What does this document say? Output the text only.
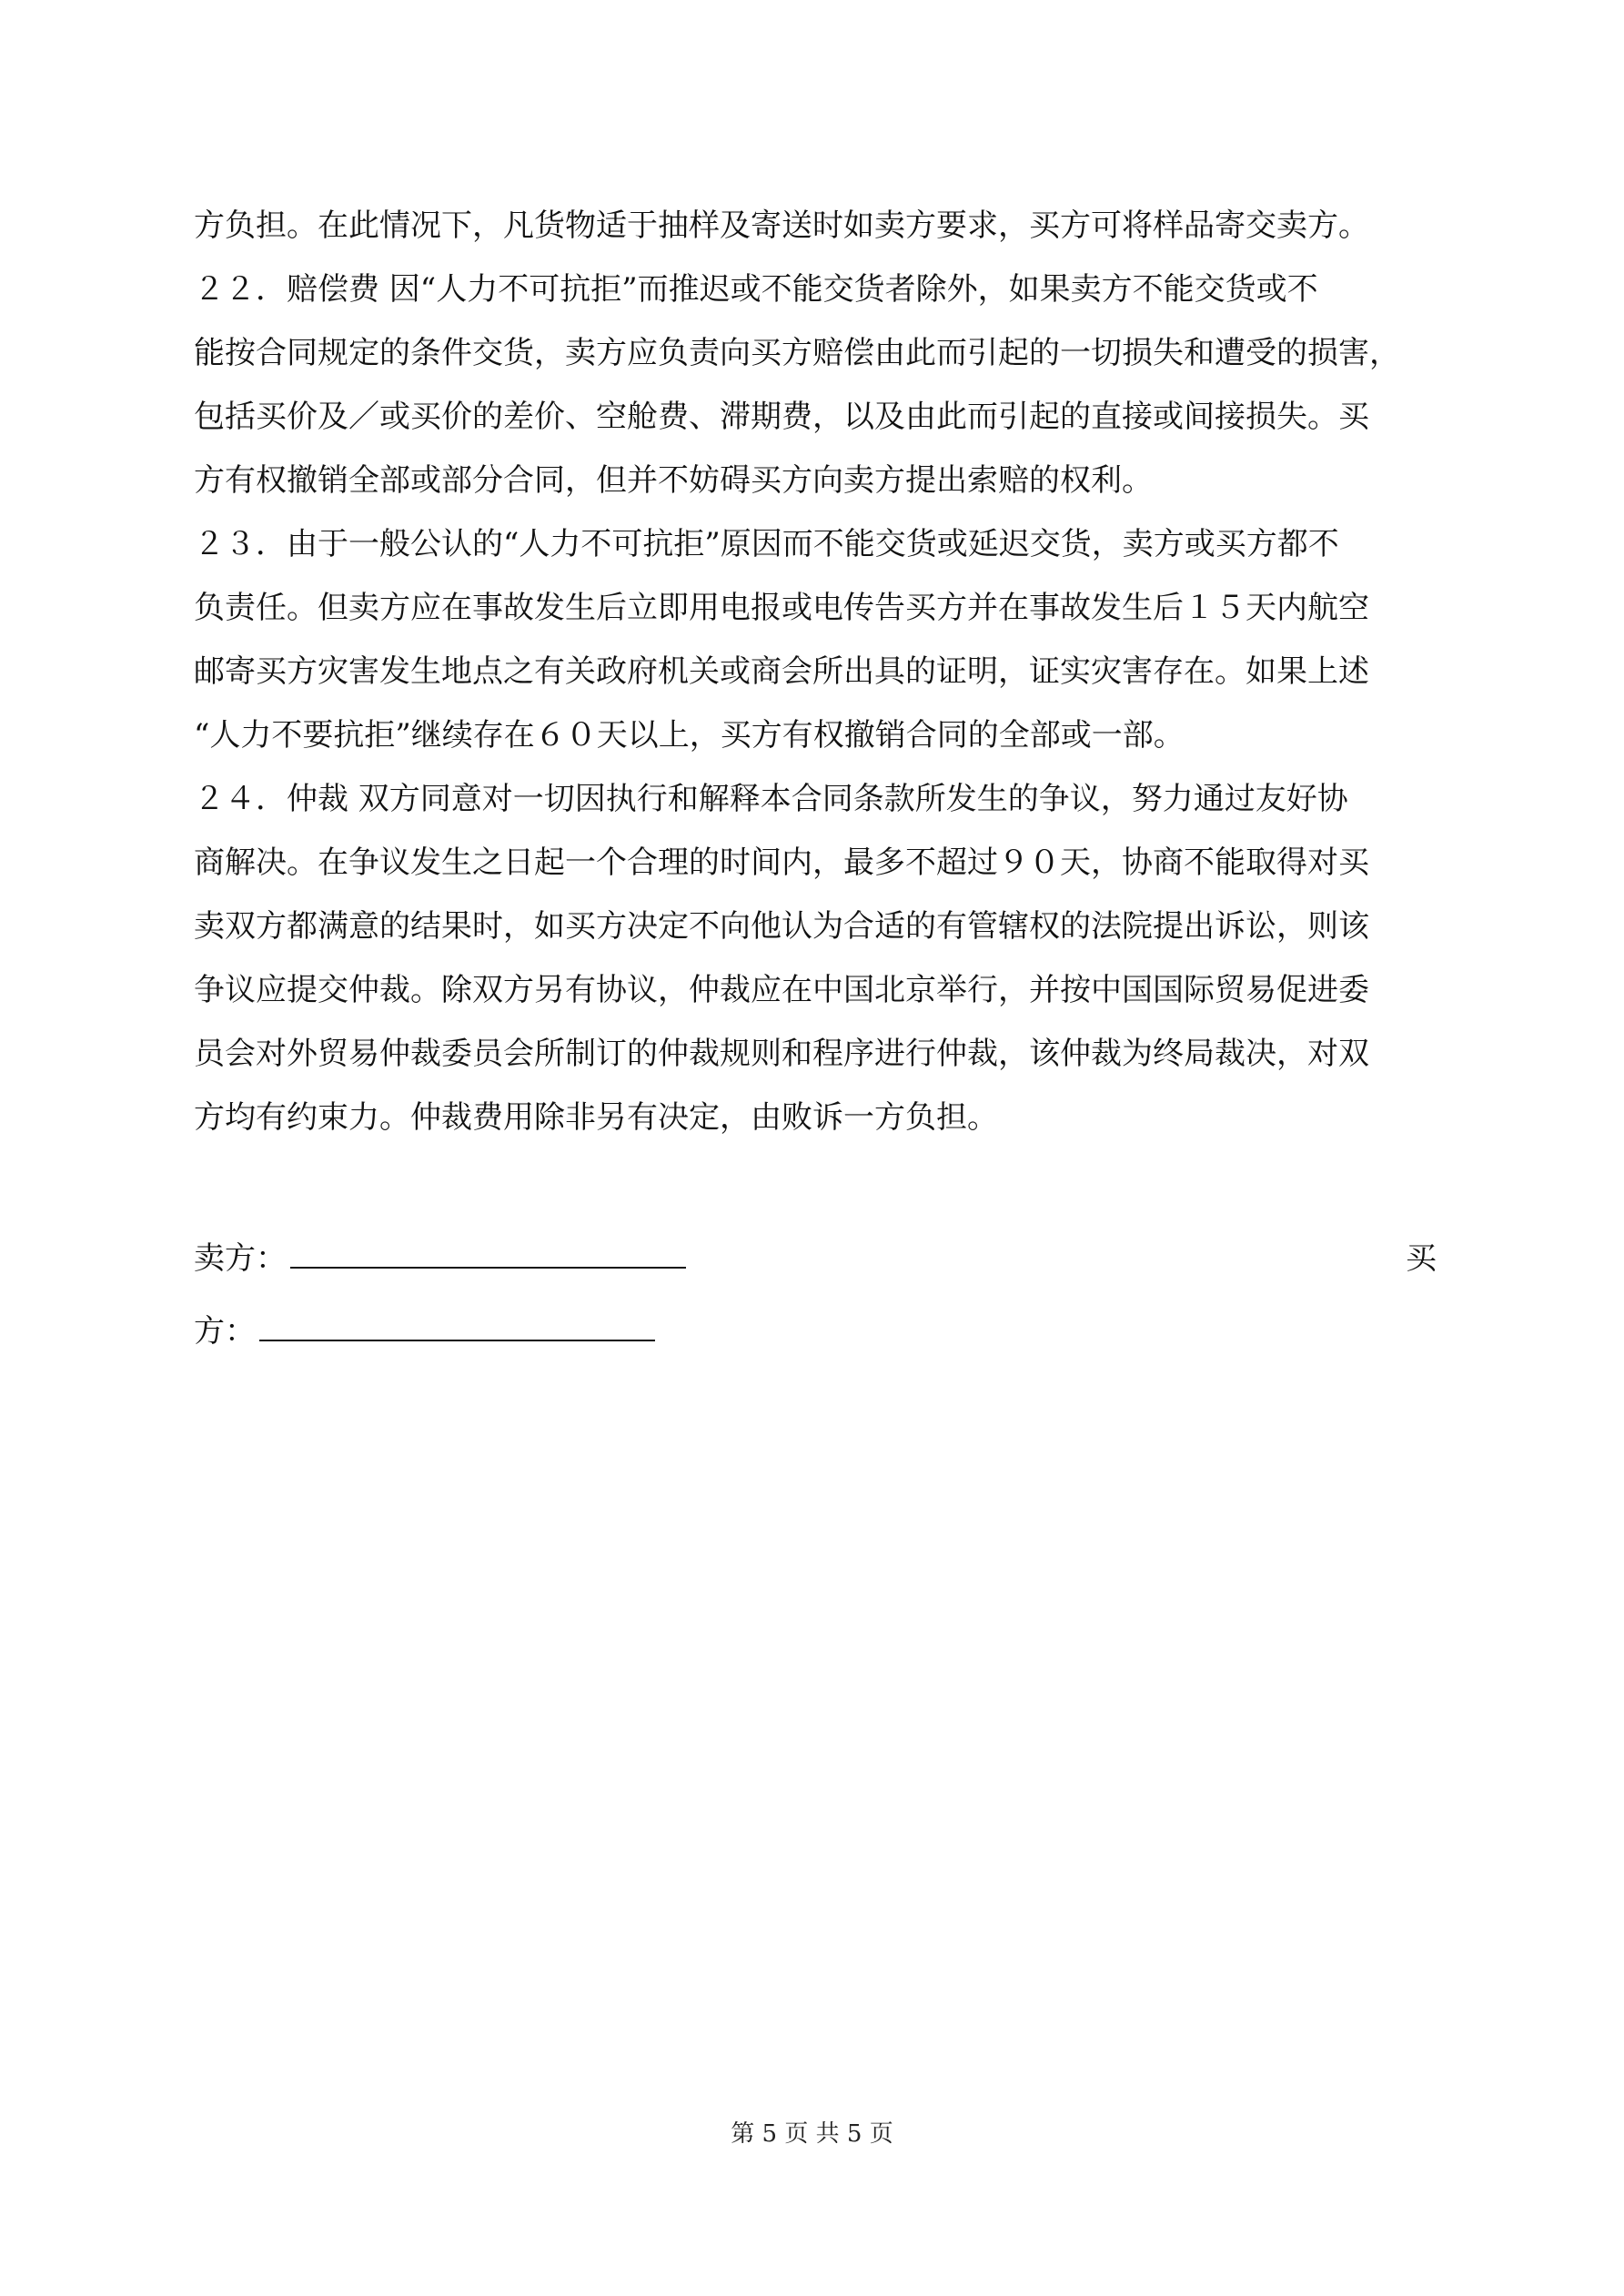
方负担。在此情况下，凡货物适于抽样及寄送时如卖方要求，买方可将样品寄交卖方。
２２．赔偿费 因“人力不可抗拒”而推迟或不能交货者除外，如果卖方不能交货或不
能按合同规定的条件交货，卖方应负责向买方赔偿由此而引起的一切损失和遭受的损害，
包括买价及／或买价的差价、空舱费、滞期费，以及由此而引起的直接或间接损失。买
方有权撤销全部或部分合同，但并不妨碍买方向卖方提出索赔的权利。
２３．由于一般公认的“人力不可抗拒”原因而不能交货或延迟交货，卖方或买方都不
负责任。但卖方应在事故发生后立即用电报或电传告买方并在事故发生后１５天内航空
邮寄买方灾害发生地点之有关政府机关或商会所出具的证明，证实灾害存在。如果上述
“人力不要抗拒”继续存在６０天以上，买方有权撤销合同的全部或一部。
２４．仲裁 双方同意对一切因执行和解释本合同条款所发生的争议，努力通过友好协
商解决。在争议发生之日起一个合理的时间内，最多不超过９０天，协商不能取得对买
卖双方都满意的结果时，如买方决定不向他认为合适的有管辖权的法院提出诉讼，则该
争议应提交仲裁。除双方另有协议，仲裁应在中国北京举行，并按中国国际贸易促进委
员会对外贸易仲裁委员会所制订的仲裁规则和程序进行仲裁，该仲裁为终局裁决，对双
方均有约束力。仲裁费用除非另有决定，由败诉一方负担。
卖方：	买
方：
第 5 页 共 5 页
